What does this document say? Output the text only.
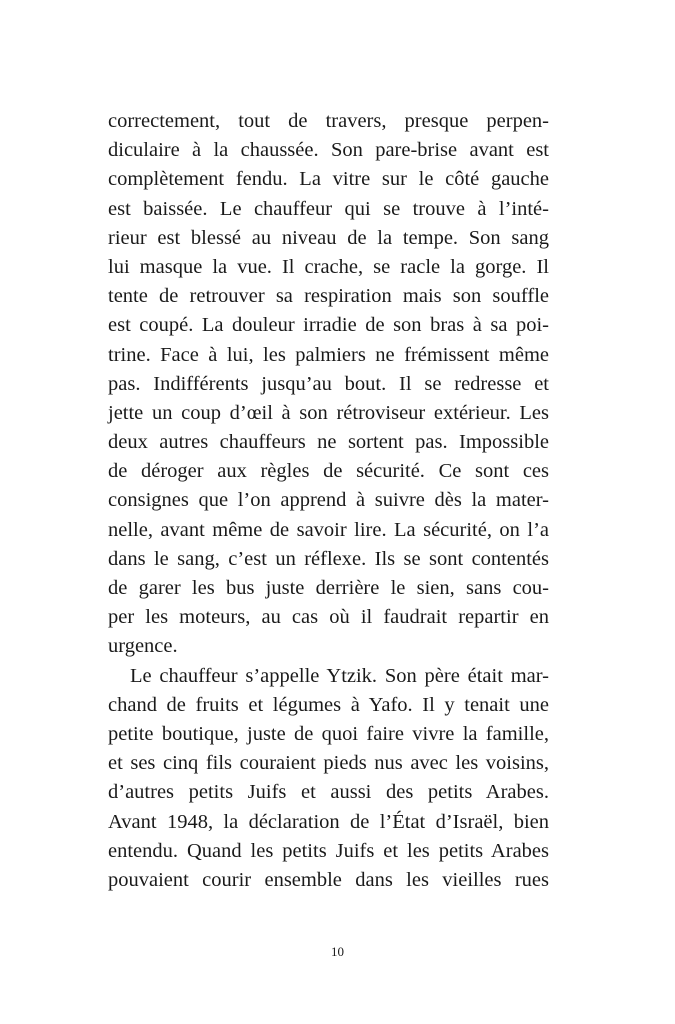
correctement, tout de travers, presque perpen-
diculaire à la chaussée. Son pare-brise avant est
complètement fendu. La vitre sur le côté gauche
est baissée. Le chauffeur qui se trouve à l’inté-
rieur est blessé au niveau de la tempe. Son sang
lui masque la vue. Il crache, se racle la gorge. Il
tente de retrouver sa respiration mais son souffle
est coupé. La douleur irradie de son bras à sa poi-
trine. Face à lui, les palmiers ne frémissent même
pas. Indifférents jusqu’au bout. Il se redresse et
jette un coup d’œil à son rétroviseur extérieur. Les
deux autres chauffeurs ne sortent pas. Impossible
de déroger aux règles de sécurité. Ce sont ces
consignes que l’on apprend à suivre dès la mater-
nelle, avant même de savoir lire. La sécurité, on l’a
dans le sang, c’est un réflexe. Ils se sont contentés
de garer les bus juste derrière le sien, sans cou-
per les moteurs, au cas où il faudrait repartir en
urgence.
Le chauffeur s’appelle Ytzik. Son père était mar-
chand de fruits et légumes à Yafo. Il y tenait une
petite boutique, juste de quoi faire vivre la famille,
et ses cinq fils couraient pieds nus avec les voisins,
d’autres petits Juifs et aussi des petits Arabes.
Avant 1948, la déclaration de l’État d’Israël, bien
entendu. Quand les petits Juifs et les petits Arabes
pouvaient courir ensemble dans les vieilles rues
10
